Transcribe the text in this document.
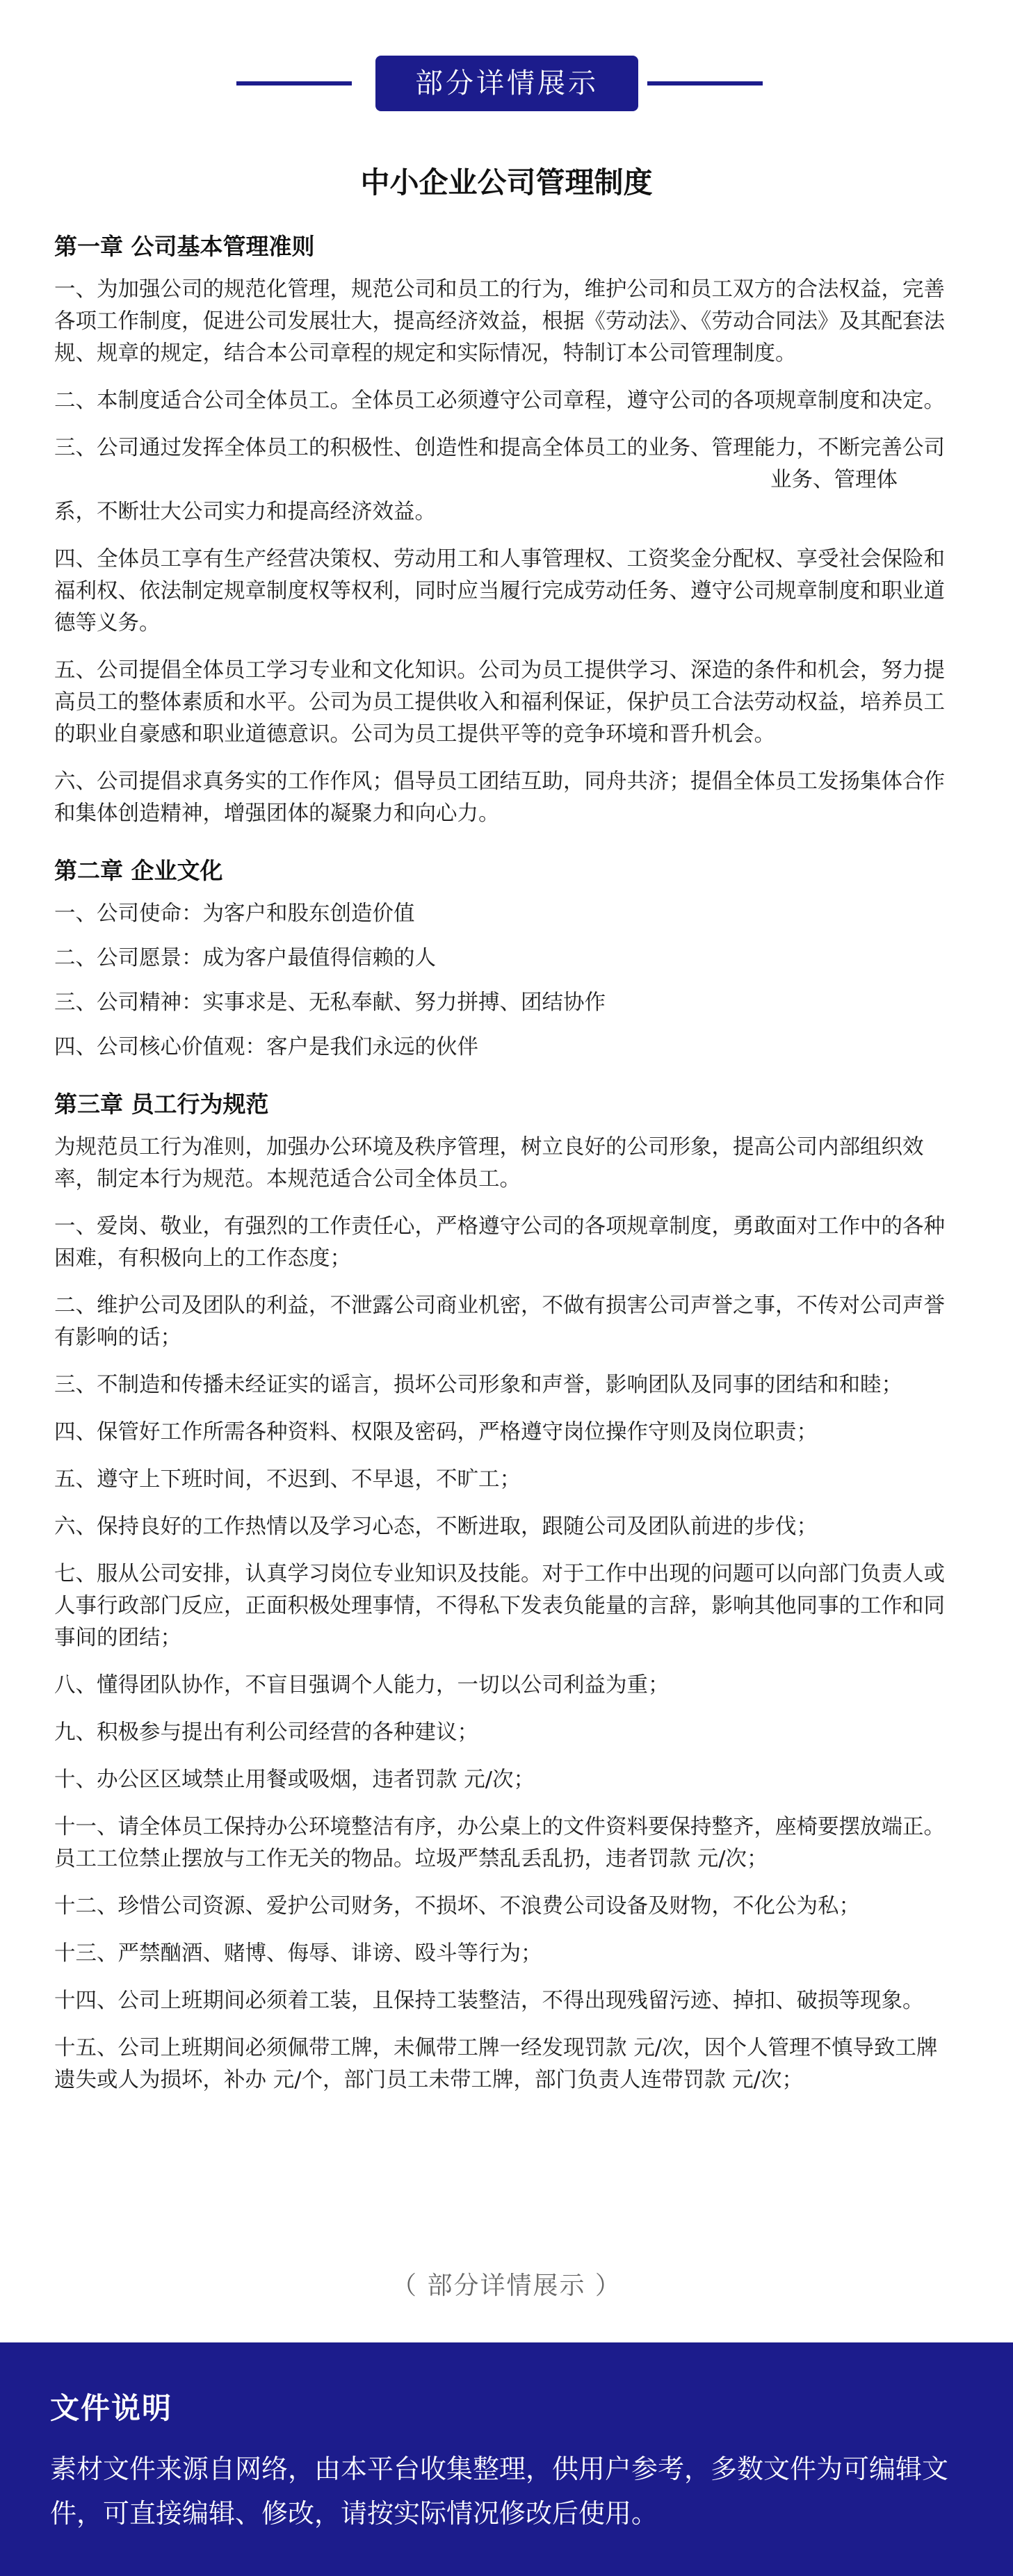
部分详情展示
中小企业公司管理制度
第一章 公司基本管理准则
一、为加强公司的规范化管理，规范公司和员工的行为，维护公司和员工双方的合法权益，完善各项工作制度，促进公司发展壮大，提高经济效益，根据《劳动法》、《劳动合同法》及其配套法规、规章的规定，结合本公司章程的规定和实际情况，特制订本公司管理制度。
二、本制度适合公司全体员工。全体员工必须遵守公司章程，遵守公司的各项规章制度和决定。
三、公司通过发挥全体员工的积极性、创造性和提高全体员工的业务、管理能力，不断完善公司
业务、管理体
系，不断壮大公司实力和提高经济效益。
四、全体员工享有生产经营决策权、劳动用工和人事管理权、工资奖金分配权、享受社会保险和福利权、依法制定规章制度权等权利，同时应当履行完成劳动任务、遵守公司规章制度和职业道德等义务。
五、公司提倡全体员工学习专业和文化知识。公司为员工提供学习、深造的条件和机会，努力提高员工的整体素质和水平。公司为员工提供收入和福利保证，保护员工合法劳动权益，培养员工的职业自豪感和职业道德意识。公司为员工提供平等的竞争环境和晋升机会。
六、公司提倡求真务实的工作作风；倡导员工团结互助，同舟共济；提倡全体员工发扬集体合作和集体创造精神，增强团体的凝聚力和向心力。
第二章 企业文化
一、公司使命：为客户和股东创造价值
二、公司愿景：成为客户最值得信赖的人
三、公司精神：实事求是、无私奉献、努力拼搏、团结协作
四、公司核心价值观：客户是我们永远的伙伴
第三章 员工行为规范
为规范员工行为准则，加强办公环境及秩序管理，树立良好的公司形象，提高公司内部组织效率，制定本行为规范。本规范适合公司全体员工。
一、爱岗、敬业，有强烈的工作责任心，严格遵守公司的各项规章制度，勇敢面对工作中的各种困难，有积极向上的工作态度；
二、维护公司及团队的利益，不泄露公司商业机密，不做有损害公司声誉之事，不传对公司声誉有影响的话；
三、不制造和传播未经证实的谣言，损坏公司形象和声誉，影响团队及同事的团结和和睦；
四、保管好工作所需各种资料、权限及密码，严格遵守岗位操作守则及岗位职责；
五、遵守上下班时间，不迟到、不早退，不旷工；
六、保持良好的工作热情以及学习心态，不断进取，跟随公司及团队前进的步伐；
七、服从公司安排，认真学习岗位专业知识及技能。对于工作中出现的问题可以向部门负责人或人事行政部门反应，正面积极处理事情，不得私下发表负能量的言辞，影响其他同事的工作和同事间的团结；
八、懂得团队协作，不盲目强调个人能力，一切以公司利益为重；
九、积极参与提出有利公司经营的各种建议；
十、办公区区域禁止用餐或吸烟，违者罚款 元/次；
十一、请全体员工保持办公环境整洁有序，办公桌上的文件资料要保持整齐，座椅要摆放端正。员工工位禁止摆放与工作无关的物品。垃圾严禁乱丢乱扔，违者罚款 元/次；
十二、珍惜公司资源、爱护公司财务，不损坏、不浪费公司设备及财物，不化公为私；
十三、严禁酗酒、赌博、侮辱、诽谤、殴斗等行为；
十四、公司上班期间必须着工装，且保持工装整洁，不得出现残留污迹、掉扣、破损等现象。
十五、公司上班期间必须佩带工牌，未佩带工牌一经发现罚款 元/次，因个人管理不慎导致工牌遗失或人为损坏，补办 元/个，部门员工未带工牌，部门负责人连带罚款 元/次；
（ 部分详情展示 ）
文件说明
素材文件来源自网络，由本平台收集整理，供用户参考，多数文件为可编辑文件，可直接编辑、修改，请按实际情况修改后使用。
